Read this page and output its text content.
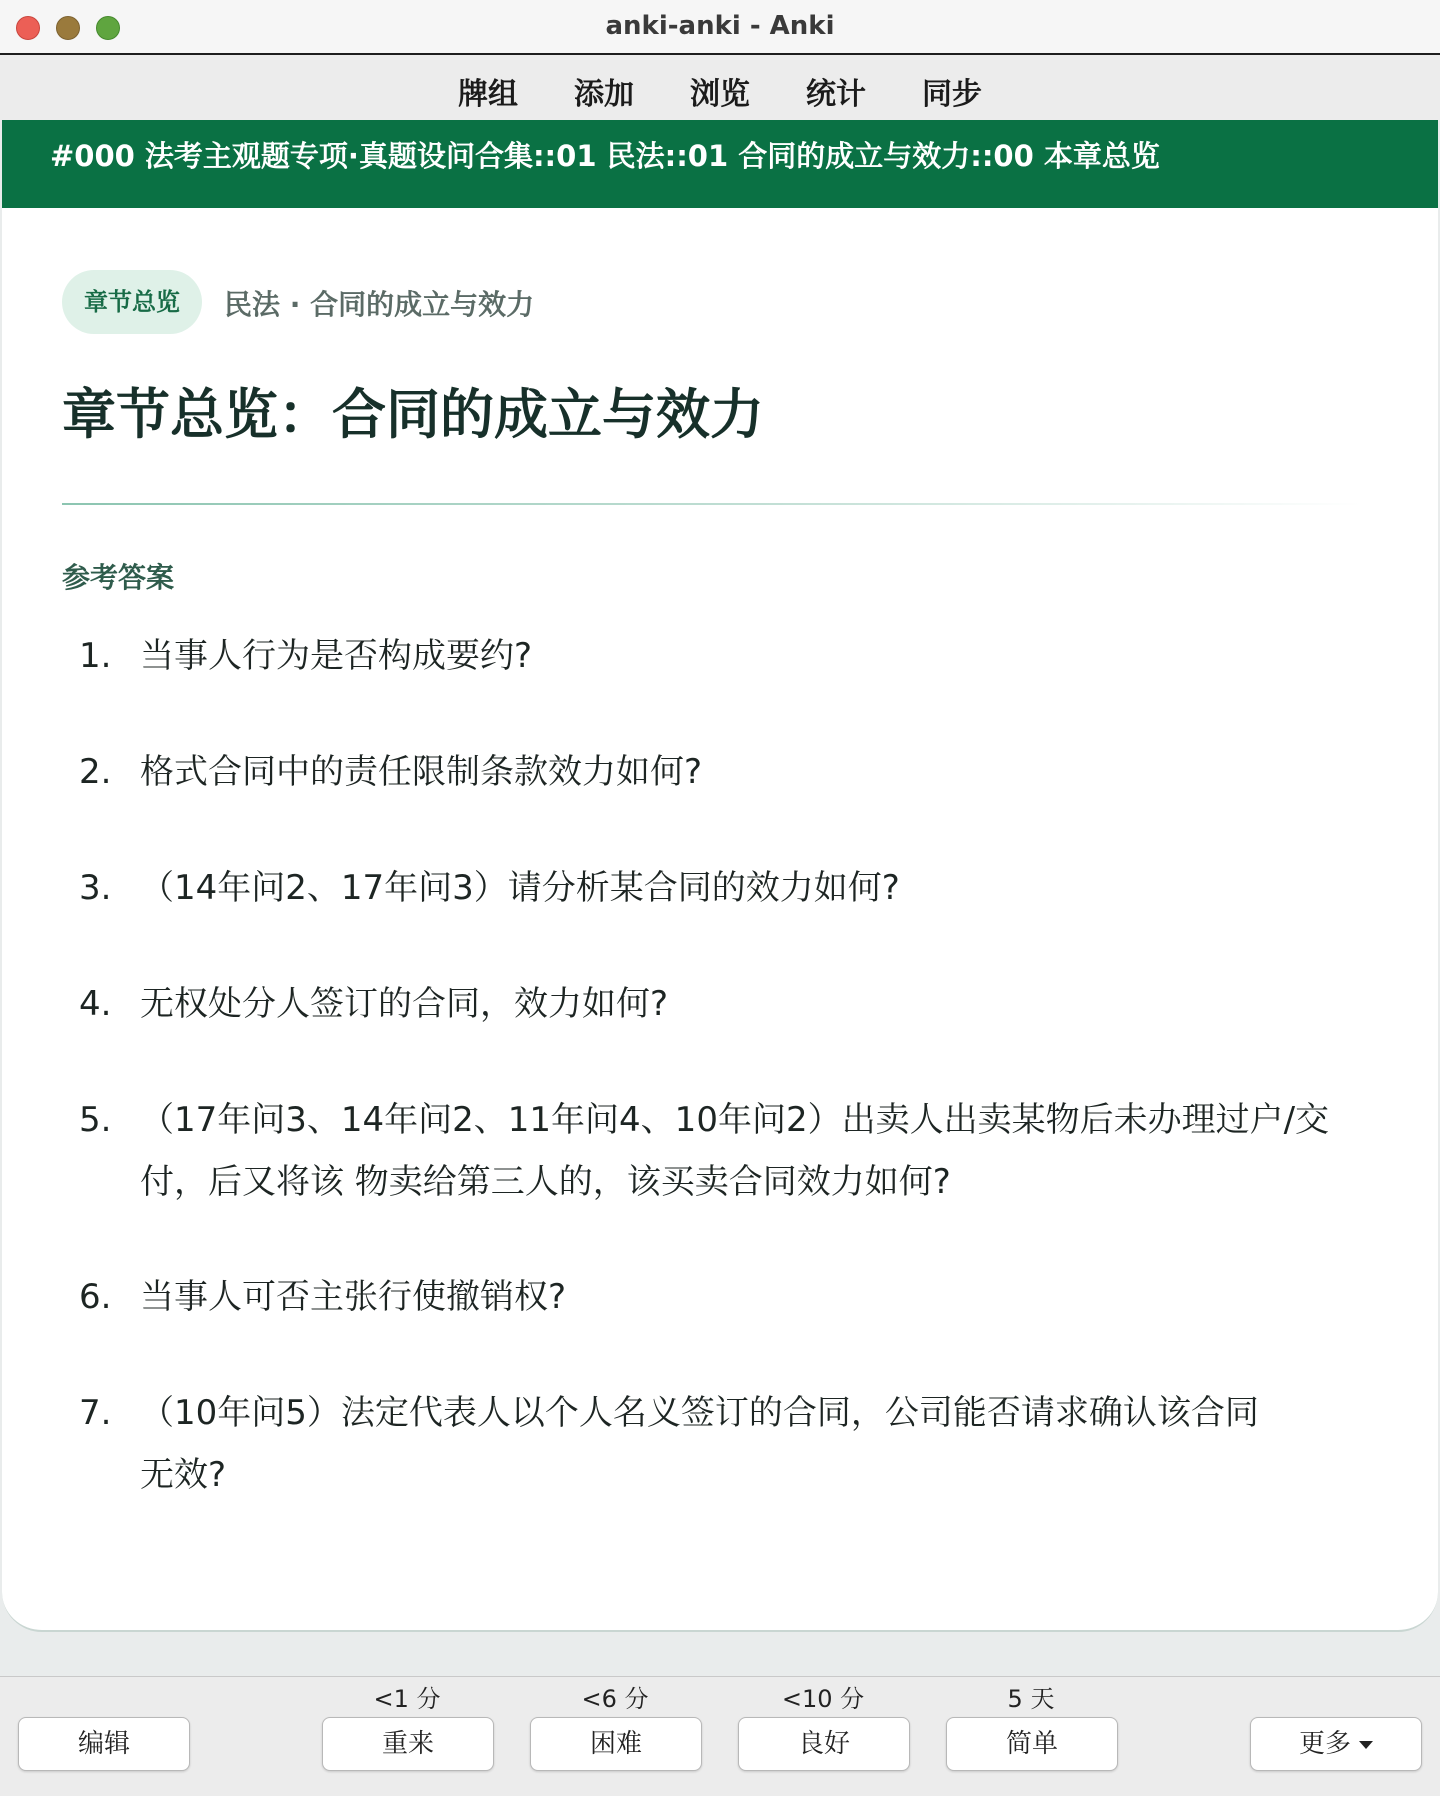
anki-anki - Anki
牌组 添加 浏览 统计 同步
#000 法考主观题专项·真题设问合集::01 民法::01 合同的成立与效力::00 本章总览
章节总览	民法 · 合同的成立与效力
章节总览：合同的成立与效力
参考答案
1. 当事人行为是否构成要约?
2. 格式合同中的责任限制条款效力如何?
3. （14年问2、17年问3）请分析某合同的效力如何?
4. 无权处分人签订的合同，效力如何?
5. （17年问3、14年问2、11年问4、10年问2）出卖人出卖某物后未办理过户/交
付，后又将该 物卖给第三人的，该买卖合同效力如何?
6. 当事人可否主张行使撤销权?
7. （10年问5）法定代表人以个人名义签订的合同，公司能否请求确认该合同
无效?
编辑
<1 分
重来
<6 分
困难
<10 分
良好
5 天
简单	更多
